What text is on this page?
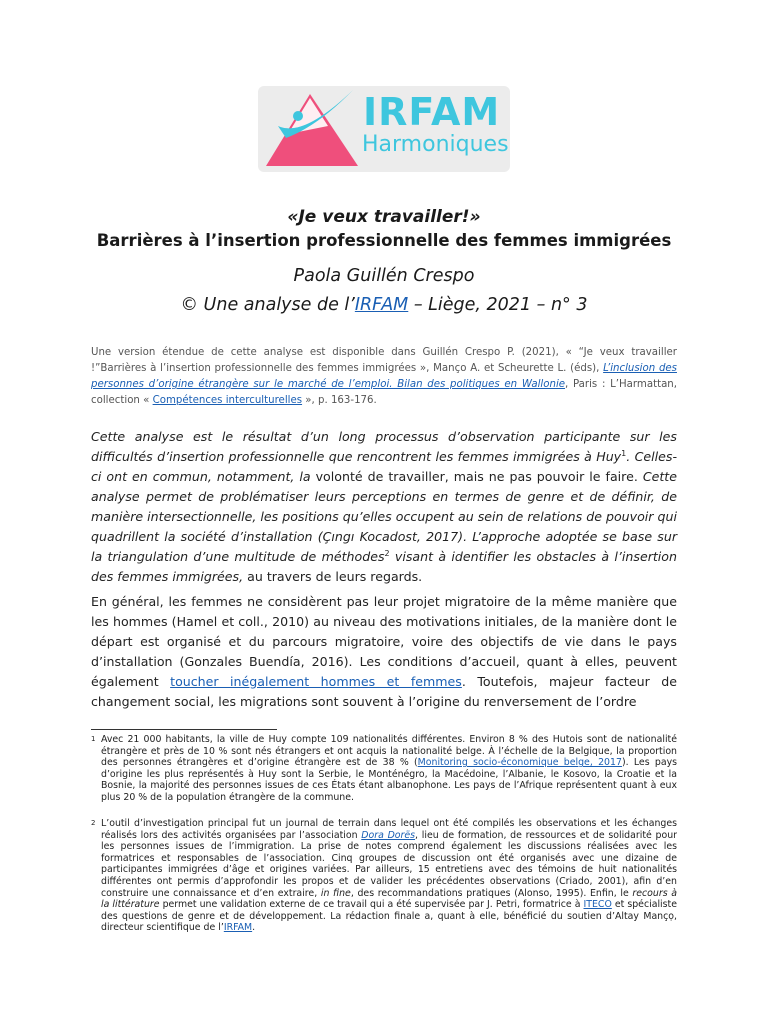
IRFAM
Harmoniques
«Je veux travailler!»
Barrières à l’insertion professionnelle des femmes immigrées
Paola Guillén Crespo
© Une analyse de l’IRFAM – Liège, 2021 – n° 3
Une version étendue de cette analyse est disponible dans Guillén Crespo P. (2021), « “Je veux travailler !”Barrières à l’insertion professionnelle des femmes immigrées », Manço A. et Scheurette L. (éds), L’inclusion des personnes d’origine étrangère sur le marché de l’emploi. Bilan des politiques en Wallonie, Paris : L’Harmattan, collection « Compétences interculturelles », p. 163-176.
Cette analyse est le résultat d’un long processus d’observation participante sur les difficultés d’insertion professionnelle que rencontrent les femmes immigrées à Huy$^1$. Celles-ci ont en commun, notamment, la volonté de travailler, mais ne pas pouvoir le faire. Cette analyse permet de problématiser leurs perceptions en termes de genre et de définir, de manière intersectionnelle, les positions qu’elles occupent au sein de relations de pouvoir qui quadrillent la société d’installation (Çıngı Kocadost, 2017). L’approche adoptée se base sur la triangulation d’une multitude de méthodes$^2$ visant à identifier les obstacles à l’insertion des femmes immigrées, au travers de leurs regards.
En général, les femmes ne considèrent pas leur projet migratoire de la même manière que les hommes (Hamel et coll., 2010) au niveau des motivations initiales, de la manière dont le départ est organisé et du parcours migratoire, voire des objectifs de vie dans le pays d’installation (Gonzales Buendía, 2016). Les conditions d’accueil, quant à elles, peuvent également toucher inégalement hommes et femmes. Toutefois, majeur facteur de changement social, les migrations sont souvent à l’origine du renversement de l’ordre
1 Avec 21 000 habitants, la ville de Huy compte 109 nationalités différentes. Environ 8 % des Hutois sont de nationalité étrangère et près de 10 % sont nés étrangers et ont acquis la nationalité belge. À l’échelle de la Belgique, la proportion des personnes étrangères et d’origine étrangère est de 38 % (Monitoring socio-économique belge, 2017). Les pays d’origine les plus représentés à Huy sont la Serbie, le Monténégro, la Macédoine, l’Albanie, le Kosovo, la Croatie et la Bosnie, la majorité des personnes issues de ces États étant albanophone. Les pays de l’Afrique représentent quant à eux plus 20 % de la population étrangère de la commune.
2 L’outil d’investigation principal fut un journal de terrain dans lequel ont été compilés les observations et les échanges réalisés lors des activités organisées par l’association Dora Dorës, lieu de formation, de ressources et de solidarité pour les personnes issues de l’immigration. La prise de notes comprend également les discussions réalisées avec les formatrices et responsables de l’association. Cinq groupes de discussion ont été organisés avec une dizaine de participantes immigrées d’âge et origines variées. Par ailleurs, 15 entretiens avec des témoins de huit nationalités différentes ont permis d’approfondir les propos et de valider les précédentes observations (Criado, 2001), afin d’en construire une connaissance et d’en extraire, in fine, des recommandations pratiques (Alonso, 1995). Enfin, le recours à la littérature permet une validation externe de ce travail qui a été supervisée par J. Petri, formatrice à ITECO et spécialiste des questions de genre et de développement. La rédaction finale a, quant à elle, bénéficié du soutien d’Altay Mançọ, directeur scientifique de l’IRFAM.
